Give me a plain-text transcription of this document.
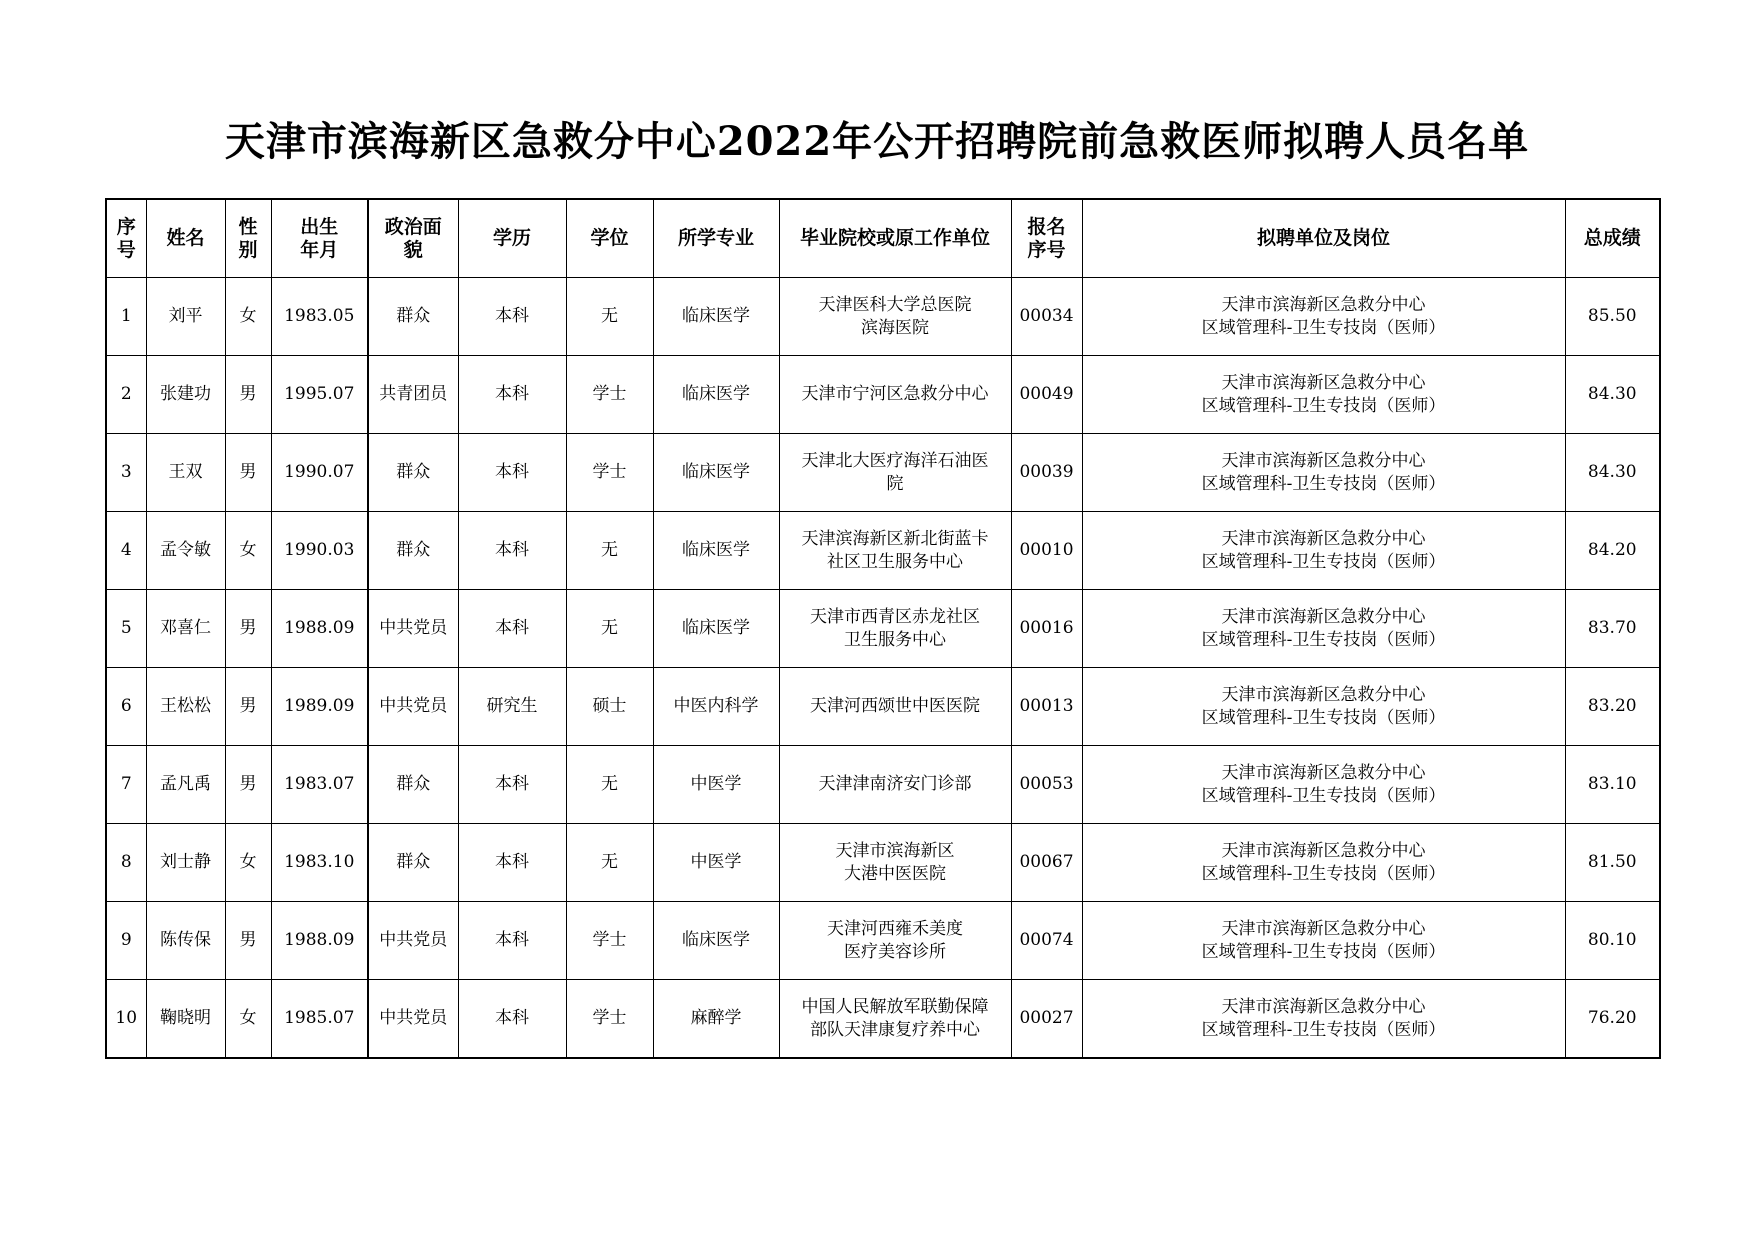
天津市滨海新区急救分中心2022年公开招聘院前急救医师拟聘人员名单
序
号	姓名	性
别	出生
年月	政治面
貌	学历	学位	所学专业	毕业院校或原工作单位	报名
序号	拟聘单位及岗位	总成绩
1	刘平	女	1983.05	群众	本科	无	临床医学	天津医科大学总医院
滨海医院	00034	天津市滨海新区急救分中心
区域管理科-卫生专技岗（医师）	85.50
2	张建功	男	1995.07	共青团员	本科	学士	临床医学	天津市宁河区急救分中心	00049	天津市滨海新区急救分中心
区域管理科-卫生专技岗（医师）	84.30
3	王双	男	1990.07	群众	本科	学士	临床医学	天津北大医疗海洋石油医
院	00039	天津市滨海新区急救分中心
区域管理科-卫生专技岗（医师）	84.30
4	孟令敏	女	1990.03	群众	本科	无	临床医学	天津滨海新区新北街蓝卡
社区卫生服务中心	00010	天津市滨海新区急救分中心
区域管理科-卫生专技岗（医师）	84.20
5	邓喜仁	男	1988.09	中共党员	本科	无	临床医学	天津市西青区赤龙社区
卫生服务中心	00016	天津市滨海新区急救分中心
区域管理科-卫生专技岗（医师）	83.70
6	王松松	男	1989.09	中共党员	研究生	硕士	中医内科学	天津河西颂世中医医院	00013	天津市滨海新区急救分中心
区域管理科-卫生专技岗（医师）	83.20
7	孟凡禹	男	1983.07	群众	本科	无	中医学	天津津南济安门诊部	00053	天津市滨海新区急救分中心
区域管理科-卫生专技岗（医师）	83.10
8	刘士静	女	1983.10	群众	本科	无	中医学	天津市滨海新区
大港中医医院	00067	天津市滨海新区急救分中心
区域管理科-卫生专技岗（医师）	81.50
9	陈传保	男	1988.09	中共党员	本科	学士	临床医学	天津河西雍禾美度
医疗美容诊所	00074	天津市滨海新区急救分中心
区域管理科-卫生专技岗（医师）	80.10
10	鞠晓明	女	1985.07	中共党员	本科	学士	麻醉学	中国人民解放军联勤保障
部队天津康复疗养中心	00027	天津市滨海新区急救分中心
区域管理科-卫生专技岗（医师）	76.20
